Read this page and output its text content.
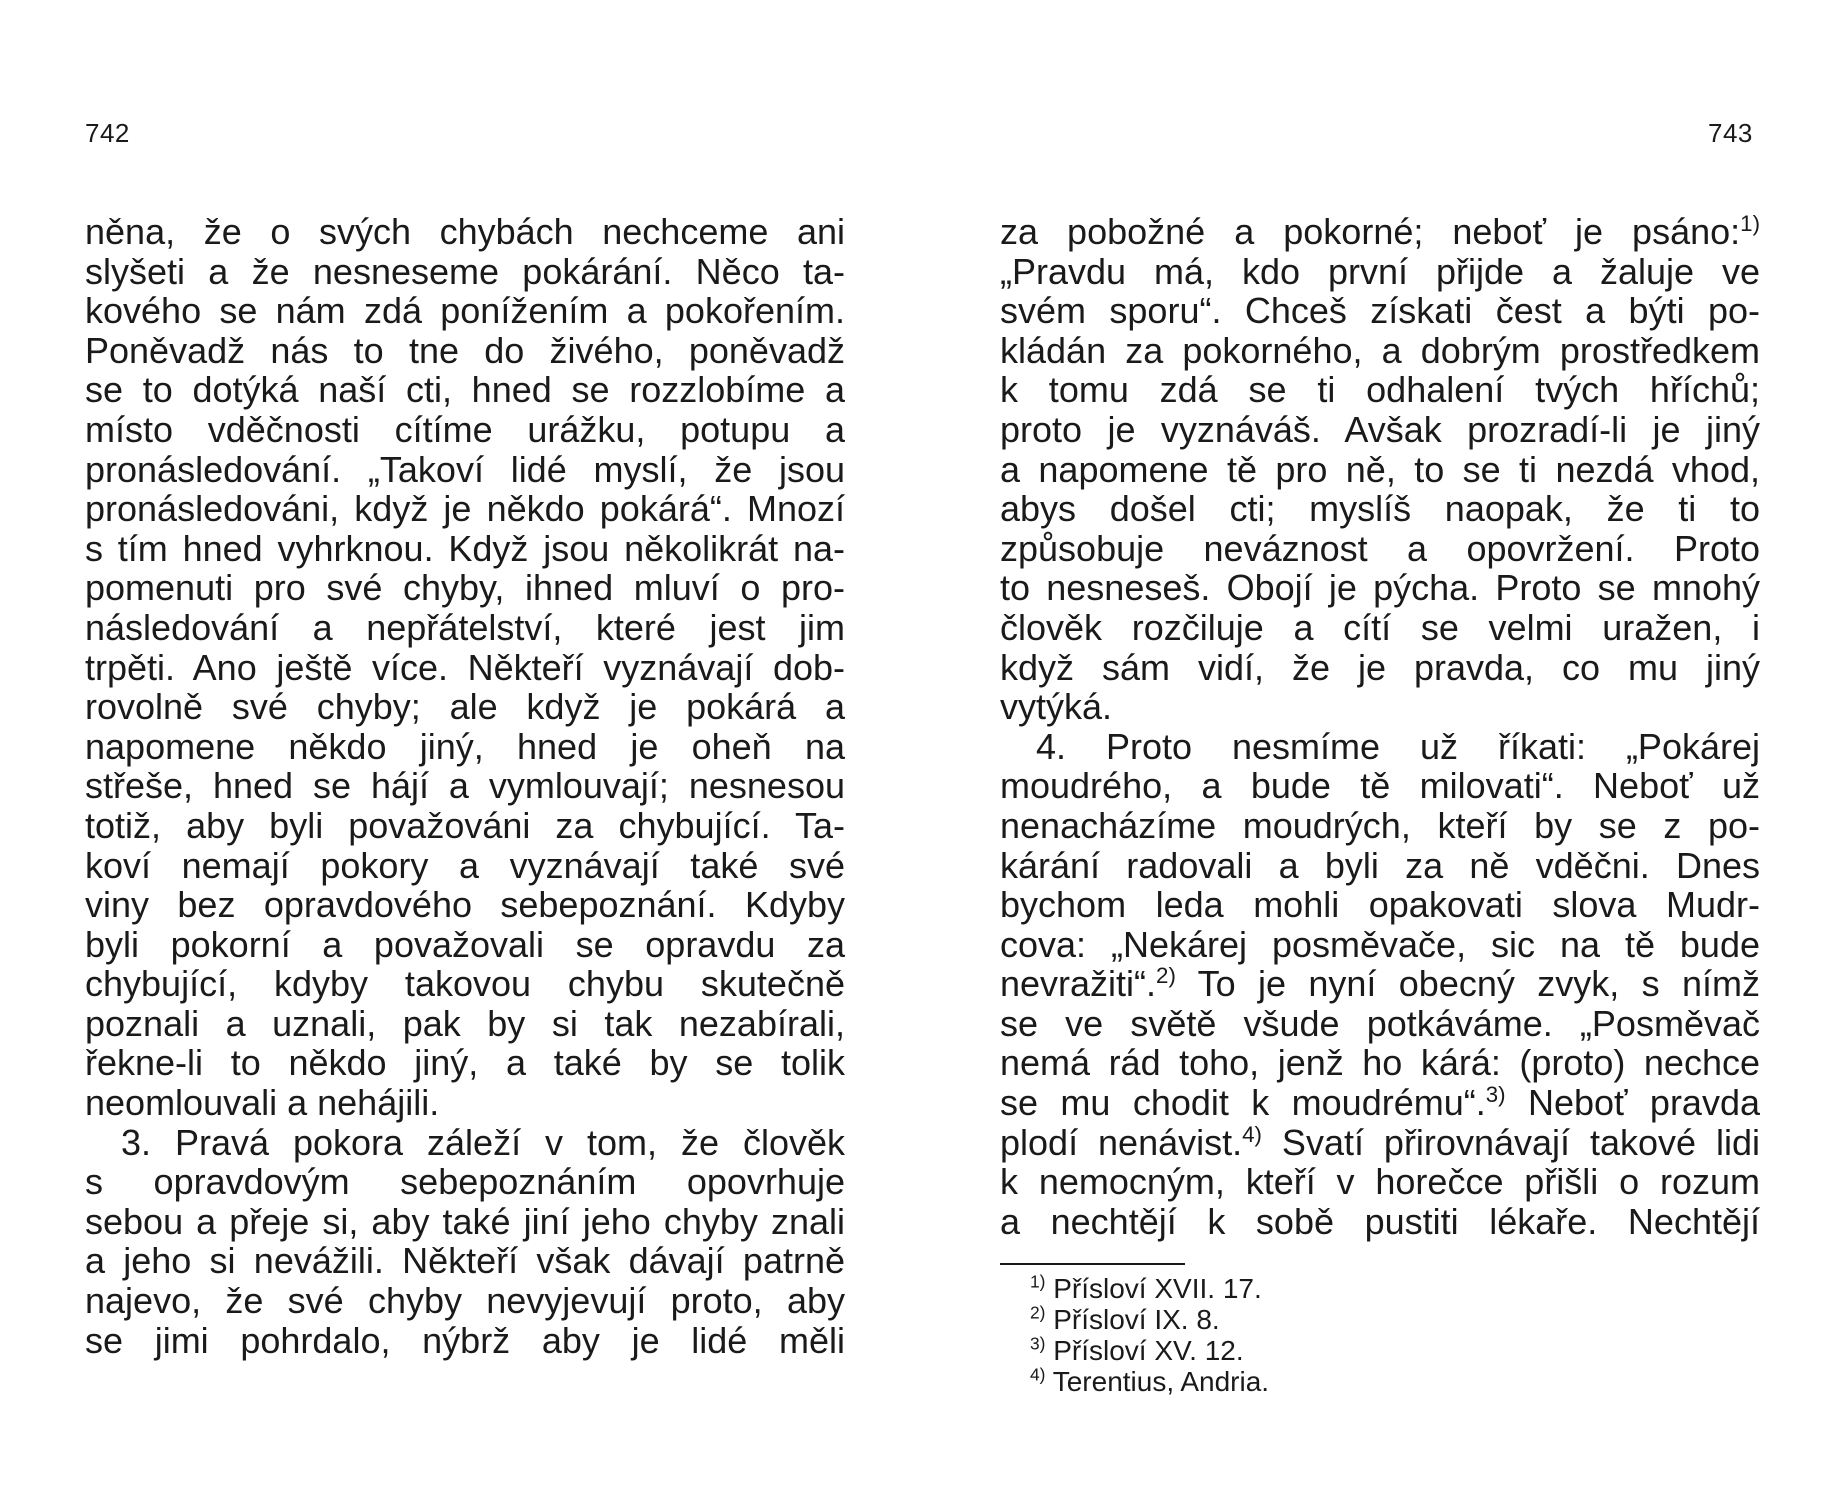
742	743
něna, že o svých chybách nechceme ani
slyšeti a že nesneseme pokárání. Něco ta-
kového se nám zdá ponížením a pokořením.
Poněvadž nás to tne do živého, poněvadž
se to dotýká naší cti, hned se rozzlobíme a
místo vděčnosti cítíme urážku, potupu a
pronásledování. „Takoví lidé myslí, že jsou
pronásledováni, když je někdo pokárá“. Mnozí
s tím hned vyhrknou. Když jsou několikrát na-
pomenuti pro své chyby, ihned mluví o pro-
následování a nepřátelství, které jest jim
trpěti. Ano ještě více. Někteří vyznávají dob-
rovolně své chyby; ale když je pokárá a
napomene někdo jiný, hned je oheň na
střeše, hned se hájí a vymlouvají; nesnesou
totiž, aby byli považováni za chybující. Ta-
koví nemají pokory a vyznávají také své
viny bez opravdového sebepoznání. Kdyby
byli pokorní a považovali se opravdu za
chybující, kdyby takovou chybu skutečně
poznali a uznali, pak by si tak nezabírali,
řekne-li to někdo jiný, a také by se tolik
neomlouvali a nehájili.
3. Pravá pokora záleží v tom, že člověk
s opravdovým sebepoznáním opovrhuje
sebou a přeje si, aby také jiní jeho chyby znali
a jeho si nevážili. Někteří však dávají patrně
najevo, že své chyby nevyjevují proto, aby
se jimi pohrdalo, nýbrž aby je lidé měli
za pobožné a pokorné; neboť je psáno:$^{1)}$
„Pravdu má, kdo první přijde a žaluje ve
svém sporu“. Chceš získati čest a býti po-
kládán za pokorného, a dobrým prostředkem
k tomu zdá se ti odhalení tvých hříchů;
proto je vyznáváš. Avšak prozradí-li je jiný
a napomene tě pro ně, to se ti nezdá vhod,
abys došel cti; myslíš naopak, že ti to
způsobuje neváznost a opovržení. Proto
to nesneseš. Obojí je pýcha. Proto se mnohý
člověk rozčiluje a cítí se velmi uražen, i
když sám vidí, že je pravda, co mu jiný
vytýká.
4. Proto nesmíme už říkati: „Pokárej
moudrého, a bude tě milovati“. Neboť už
nenacházíme moudrých, kteří by se z po-
kárání radovali a byli za ně vděčni. Dnes
bychom leda mohli opakovati slova Mudr-
cova: „Nekárej posměvače, sic na tě bude
nevražiti“.$^{2)}$ To je nyní obecný zvyk, s nímž
se ve světě všude potkáváme. „Posměvač
nemá rád toho, jenž ho kárá: (proto) nechce
se mu chodit k moudrému“.$^{3)}$ Neboť pravda
plodí nenávist.$^{4)}$ Svatí přirovnávají takové lidi
k nemocným, kteří v horečce přišli o rozum
a nechtějí k sobě pustiti lékaře. Nechtějí
$^{1)}$ Přísloví XVII. 17.
$^{2)}$ Přísloví IX. 8.
$^{3)}$ Přísloví XV. 12.
$^{4)}$ Terentius, Andria.
